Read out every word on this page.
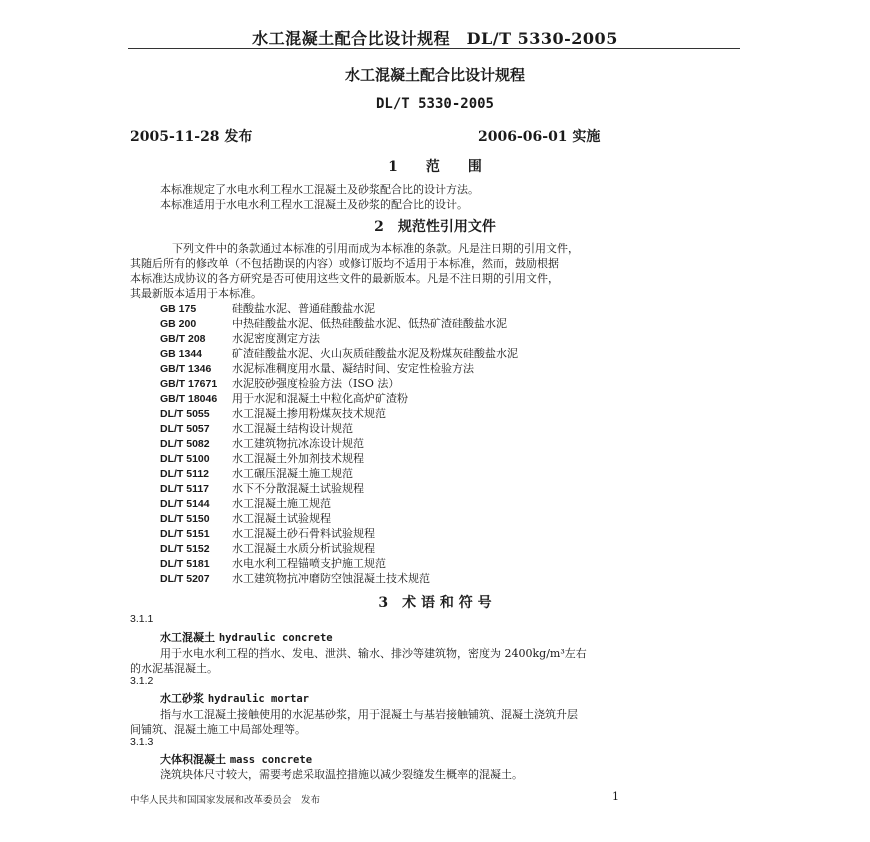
水工混凝土配合比设计规程　DL/T 5330-2005
水工混凝土配合比设计规程
DL/T 5330-2005
2005-11-28 发布	2006-06-01 实施
1　　范　　围
本标准规定了水电水利工程水工混凝土及砂浆配合比的设计方法。
本标准适用于水电水利工程水工混凝土及砂浆的配合比的设计。
2　规范性引用文件
下列文件中的条款通过本标准的引用而成为本标准的条款。凡是注日期的引用文件，
其随后所有的修改单（不包括勘误的内容）或修订版均不适用于本标准，然而，鼓励根据
本标准达成协议的各方研究是否可使用这些文件的最新版本。凡是不注日期的引用文件，
其最新版本适用于本标准。
GB 175	硅酸盐水泥、普通硅酸盐水泥
GB 200	中热硅酸盐水泥、低热硅酸盐水泥、低热矿渣硅酸盐水泥
GB/T 208 水泥密度测定方法
GB 1344	矿渣硅酸盐水泥、火山灰质硅酸盐水泥及粉煤灰硅酸盐水泥
GB/T 1346 水泥标准稠度用水量、凝结时间、安定性检验方法
GB/T 17671 水泥胶砂强度检验方法（ISO 法）
GB/T 18046 用于水泥和混凝土中粒化高炉矿渣粉
DL/T 5055 水工混凝土掺用粉煤灰技术规范
DL/T 5057 水工混凝土结构设计规范
DL/T 5082 水工建筑物抗冰冻设计规范
DL/T 5100 水工混凝土外加剂技术规程
DL/T 5112 水工碾压混凝土施工规范
DL/T 5117 水下不分散混凝土试验规程
DL/T 5144 水工混凝土施工规范
DL/T 5150 水工混凝土试验规程
DL/T 5151 水工混凝土砂石骨料试验规程
DL/T 5152 水工混凝土水质分析试验规程
DL/T 5181 水电水利工程锚喷支护施工规范
DL/T 5207 水工建筑物抗冲磨防空蚀混凝土技术规范
3　术 语 和 符 号
3.1.1
水工混凝土 hydraulic concrete
用于水电水利工程的挡水、发电、泄洪、输水、排沙等建筑物，密度为 2400kg/m³左右
的水泥基混凝土。
3.1.2
水工砂浆 hydraulic mortar
指与水工混凝土接触使用的水泥基砂浆，用于混凝土与基岩接触铺筑、混凝土浇筑升层
间铺筑、混凝土施工中局部处理等。
3.1.3
大体积混凝土 mass concrete
浇筑块体尺寸较大，需要考虑采取温控措施以减少裂缝发生概率的混凝土。
中华人民共和国国家发展和改革委员会　发布	1
